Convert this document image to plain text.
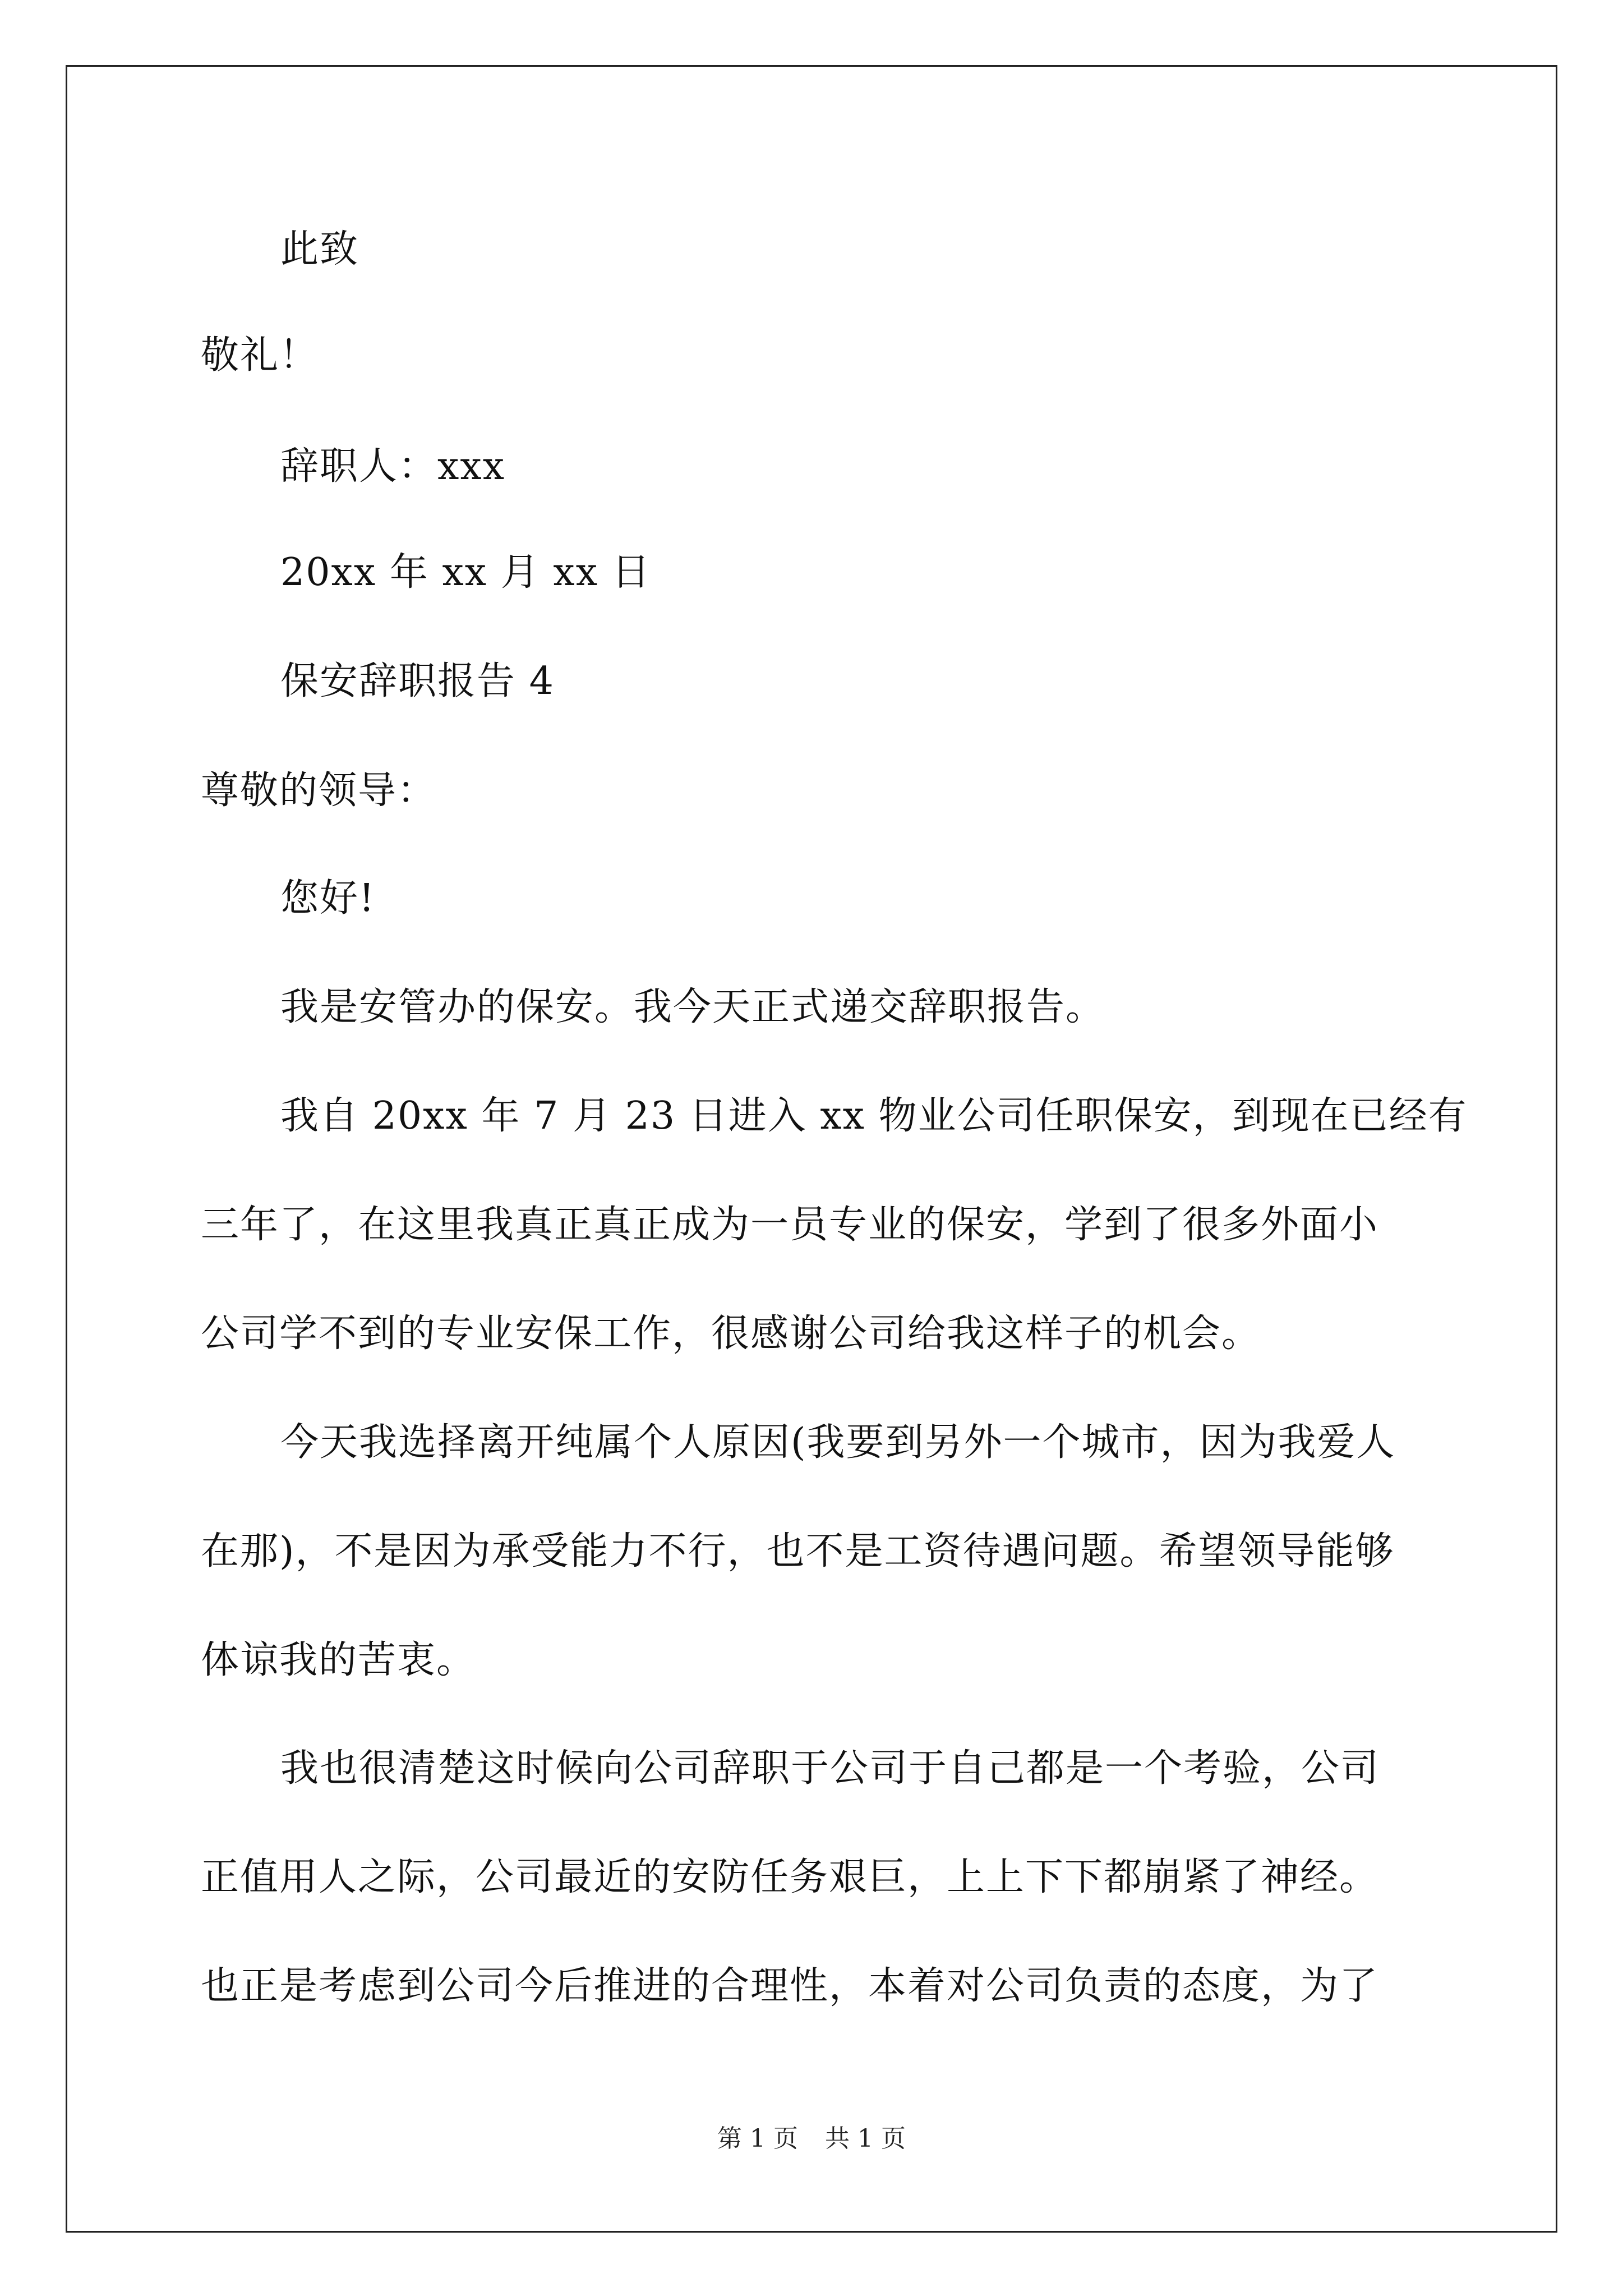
此致
敬礼！
辞职人：xxx
20xx 年 xx 月 xx 日
保安辞职报告 4
尊敬的领导：
您好!
我是安管办的保安。我今天正式递交辞职报告。
我自 20xx 年 7 月 23 日进入 xx 物业公司任职保安，到现在已经有
三年了，在这里我真正真正成为一员专业的保安，学到了很多外面小
公司学不到的专业安保工作，很感谢公司给我这样子的机会。
今天我选择离开纯属个人原因(我要到另外一个城市，因为我爱人
在那)，不是因为承受能力不行，也不是工资待遇问题。希望领导能够
体谅我的苦衷。
我也很清楚这时候向公司辞职于公司于自己都是一个考验，公司
正值用人之际，公司最近的安防任务艰巨，上上下下都崩紧了神经。
也正是考虑到公司今后推进的合理性，本着对公司负责的态度，为了
第 1 页 共 1 页
